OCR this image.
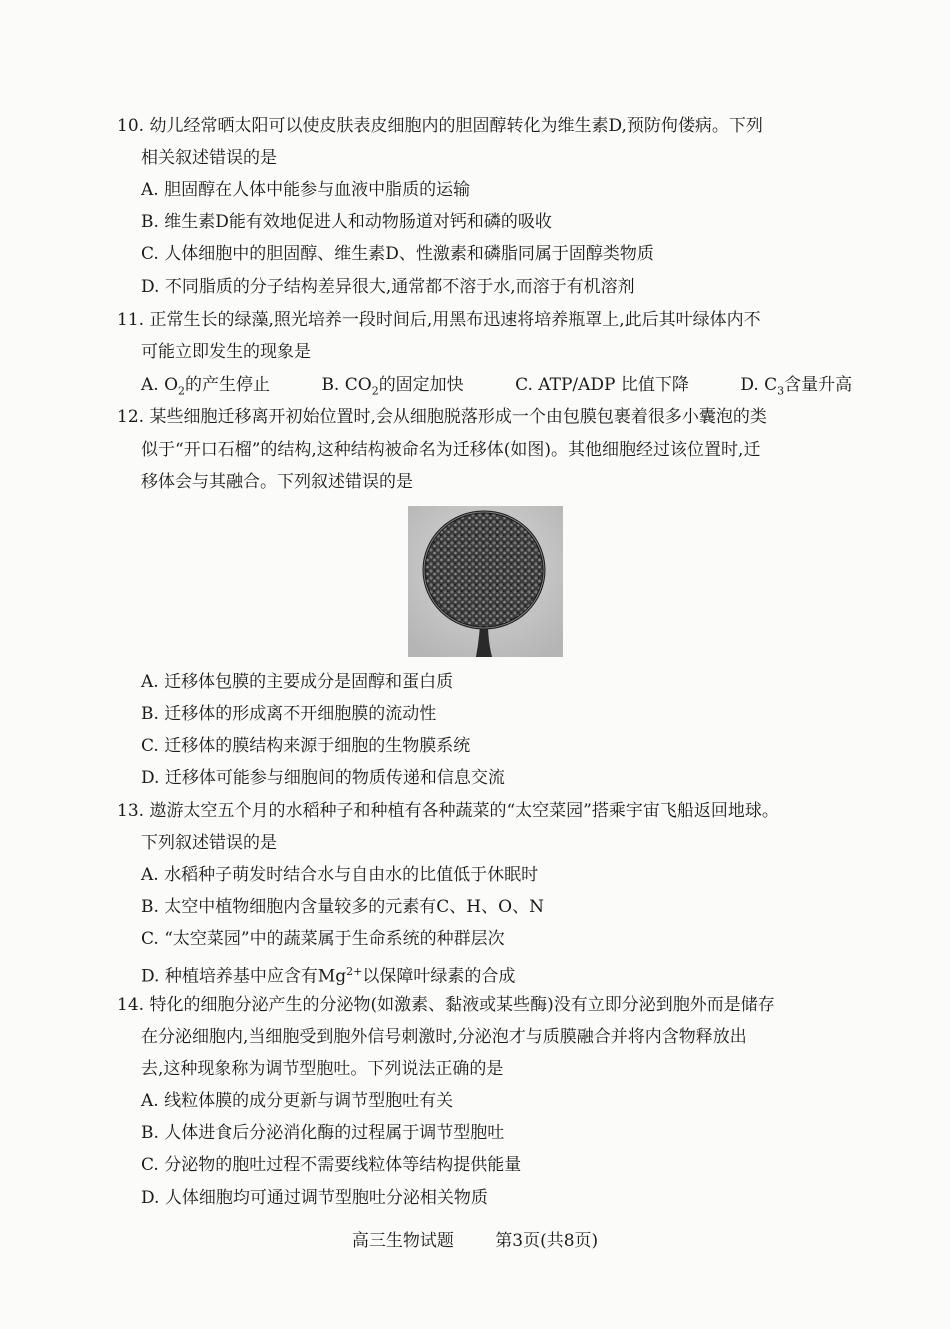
10. 幼儿经常晒太阳可以使皮肤表皮细胞内的胆固醇转化为维生素D,预防佝偻病。下列
相关叙述错误的是
A. 胆固醇在人体中能参与血液中脂质的运输
B. 维生素D能有效地促进人和动物肠道对钙和磷的吸收
C. 人体细胞中的胆固醇、维生素D、性激素和磷脂同属于固醇类物质
D. 不同脂质的分子结构差异很大,通常都不溶于水,而溶于有机溶剂
11. 正常生长的绿藻,照光培养一段时间后,用黑布迅速将培养瓶罩上,此后其叶绿体内不
可能立即发生的现象是
A. $O_2$的产生停止	B. $CO_2$的固定加快	C. ATP/ADP 比值下降	D. $C_3$含量升高
12. 某些细胞迁移离开初始位置时,会从细胞脱落形成一个由包膜包裹着很多小囊泡的类
似于“开口石榴”的结构,这种结构被命名为迁移体(如图)。其他细胞经过该位置时,迁
移体会与其融合。下列叙述错误的是
A. 迁移体包膜的主要成分是固醇和蛋白质
B. 迁移体的形成离不开细胞膜的流动性
C. 迁移体的膜结构来源于细胞的生物膜系统
D. 迁移体可能参与细胞间的物质传递和信息交流
13. 遨游太空五个月的水稻种子和种植有各种蔬菜的“太空菜园”搭乘宇宙飞船返回地球。
下列叙述错误的是
A. 水稻种子萌发时结合水与自由水的比值低于休眠时
B. 太空中植物细胞内含量较多的元素有C、H、O、N
C. “太空菜园”中的蔬菜属于生命系统的种群层次
D. 种植培养基中应含有$Mg^{2+}$以保障叶绿素的合成
14. 特化的细胞分泌产生的分泌物(如激素、黏液或某些酶)没有立即分泌到胞外而是储存
在分泌细胞内,当细胞受到胞外信号刺激时,分泌泡才与质膜融合并将内含物释放出
去,这种现象称为调节型胞吐。下列说法正确的是
A. 线粒体膜的成分更新与调节型胞吐有关
B. 人体进食后分泌消化酶的过程属于调节型胞吐
C. 分泌物的胞吐过程不需要线粒体等结构提供能量
D. 人体细胞均可通过调节型胞吐分泌相关物质
高三生物试题 第3页(共8页)
